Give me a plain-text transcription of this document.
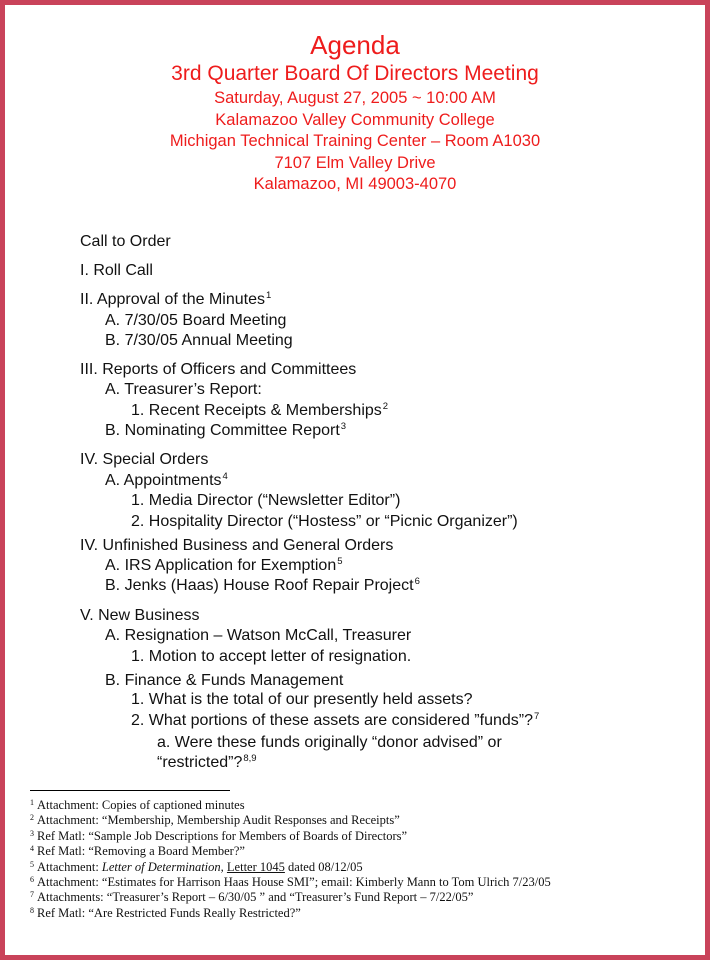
Agenda
3rd Quarter Board Of Directors Meeting
Saturday, August 27, 2005 ~ 10:00 AM
Kalamazoo Valley Community College
Michigan Technical Training Center – Room A1030
7107 Elm Valley Drive
Kalamazoo, MI 49003-4070
Call to Order
I. Roll Call
II. Approval of the Minutes$^1$
A. 7/30/05 Board Meeting
B. 7/30/05 Annual Meeting
III. Reports of Officers and Committees
A. Treasurer’s Report:
1. Recent Receipts & Memberships$^2$
B. Nominating Committee Report$^3$
IV. Special Orders
A. Appointments$^4$
1. Media Director (“Newsletter Editor”)
2. Hospitality Director (“Hostess” or “Picnic Organizer”)
IV. Unfinished Business and General Orders
A. IRS Application for Exemption$^5$
B. Jenks (Haas) House Roof Repair Project$^6$
V. New Business
A. Resignation – Watson McCall, Treasurer
1. Motion to accept letter of resignation.
B. Finance & Funds Management
1. What is the total of our presently held assets?
2. What portions of these assets are considered ”funds”?$^7$
a. Were these funds originally “donor advised” or
“restricted”?$^{8,9}$
$^1$ Attachment: Copies of captioned minutes
$^2$ Attachment: “Membership, Membership Audit Responses and Receipts”
$^3$ Ref Matl: “Sample Job Descriptions for Members of Boards of Directors”
$^4$ Ref Matl: “Removing a Board Member?”
$^5$ Attachment: Letter of Determination, Letter 1045 dated 08/12/05
$^6$ Attachment: “Estimates for Harrison Haas House SMI”; email: Kimberly Mann to Tom Ulrich 7/23/05
$^7$ Attachments: “Treasurer’s Report – 6/30/05 ” and “Treasurer’s Fund Report – 7/22/05”
$^8$ Ref Matl: “Are Restricted Funds Really Restricted?”
